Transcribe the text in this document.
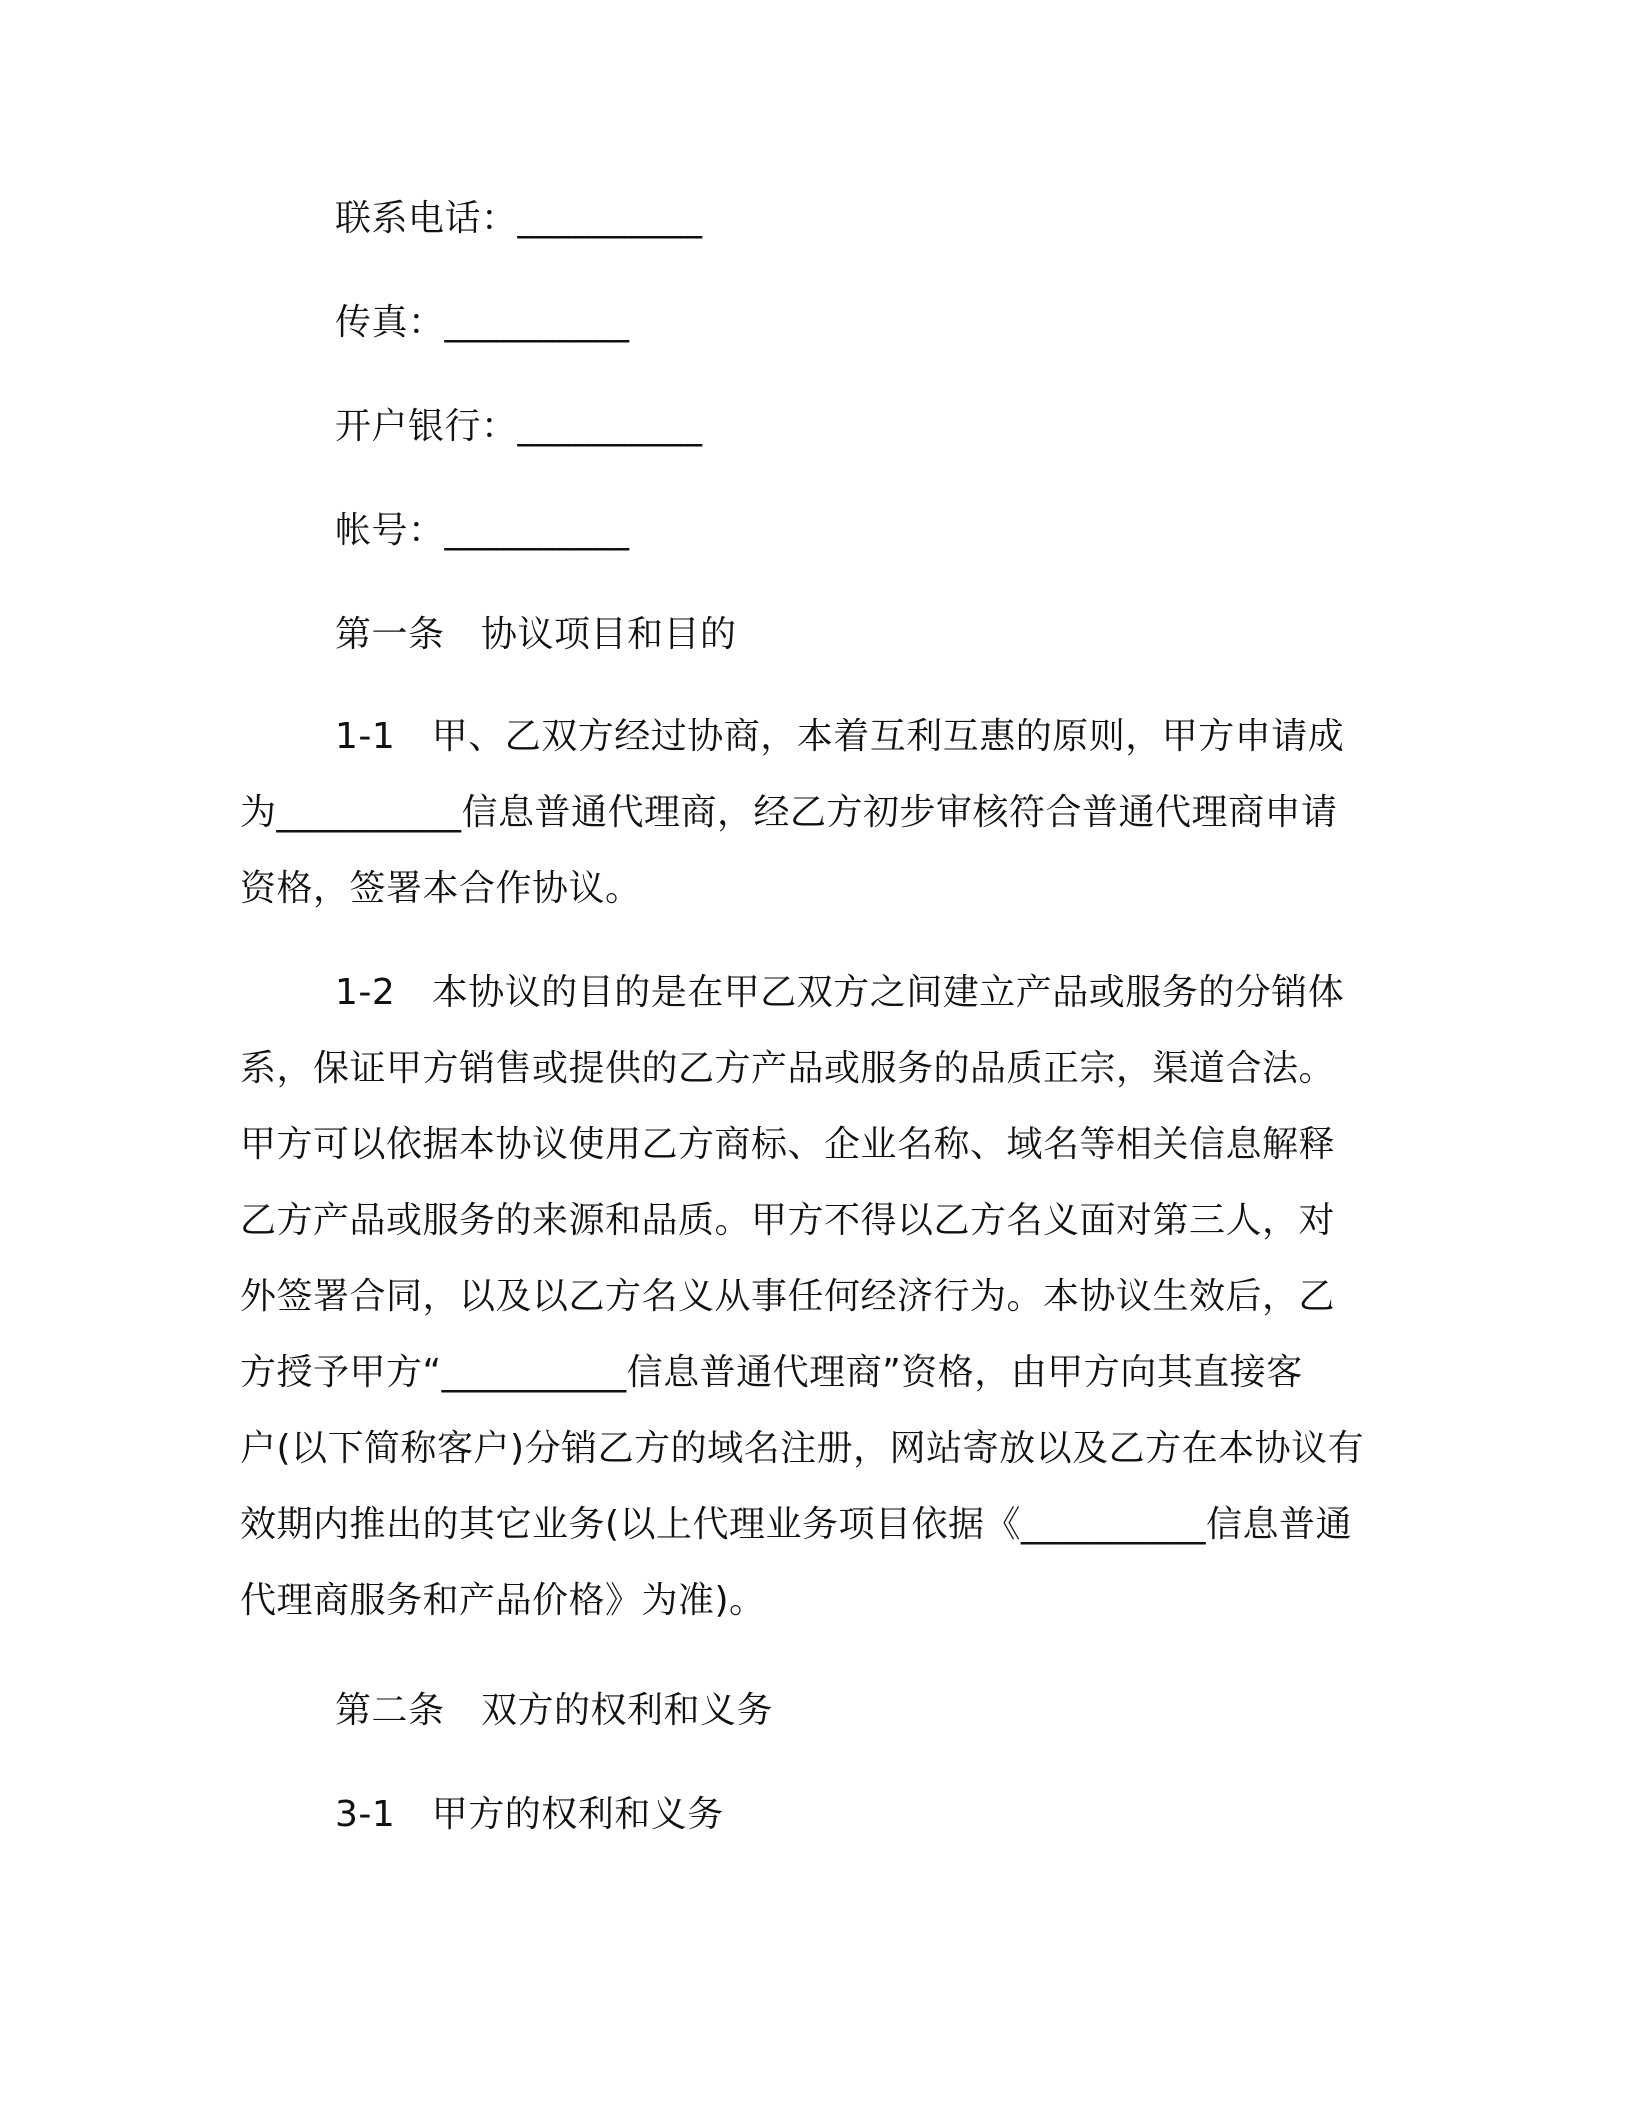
联系电话：__________
传真：__________
开户银行：__________
帐号：__________
第一条　协议项目和目的
1-1　甲、乙双方经过协商，本着互利互惠的原则，甲方申请成
为__________信息普通代理商，经乙方初步审核符合普通代理商申请
资格，签署本合作协议。
1-2　本协议的目的是在甲乙双方之间建立产品或服务的分销体
系，保证甲方销售或提供的乙方产品或服务的品质正宗，渠道合法。
甲方可以依据本协议使用乙方商标、企业名称、域名等相关信息解释
乙方产品或服务的来源和品质。甲方不得以乙方名义面对第三人，对
外签署合同，以及以乙方名义从事任何经济行为。本协议生效后，乙
方授予甲方“__________信息普通代理商”资格，由甲方向其直接客
户(以下简称客户)分销乙方的域名注册，网站寄放以及乙方在本协议有
效期内推出的其它业务(以上代理业务项目依据《__________信息普通
代理商服务和产品价格》为准)。
第二条　双方的权利和义务
3-1　甲方的权利和义务
